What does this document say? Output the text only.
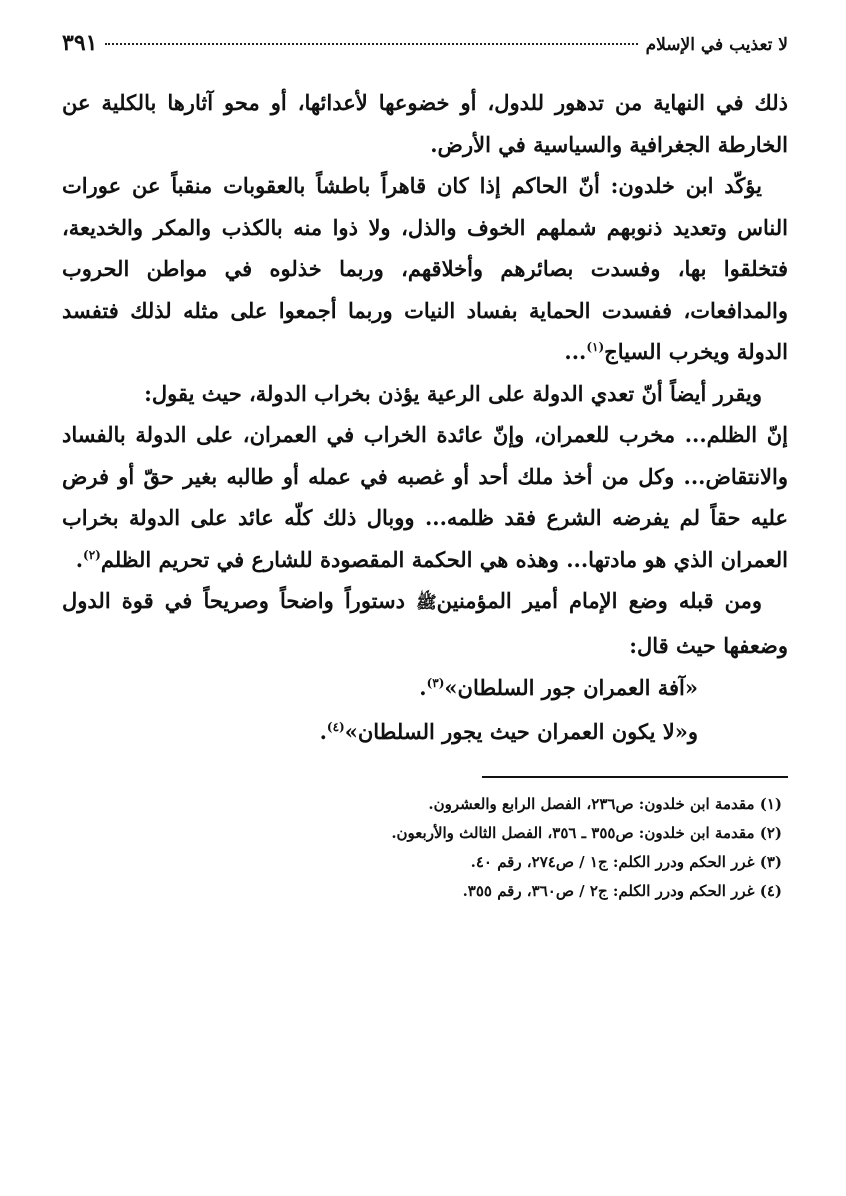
لا تعذيب في الإسلام
٣٩١

ذلك في النهاية من تدهور للدول، أو خضوعها لأعدائها، أو محو آثارها بالكلية عن الخارطة الجغرافية والسياسية في الأرض.

يؤكّد ابن خلدون: أنّ الحاكم إذا كان قاهراً باطشاً بالعقوبات منقباً عن عورات الناس وتعديد ذنوبهم شملهم الخوف والذل، ولا ذوا منه بالكذب والمكر والخديعة، فتخلقوا بها، وفسدت بصائرهم وأخلاقهم، وربما خذلوه في مواطن الحروب والمدافعات، ففسدت الحماية بفساد النيات وربما أجمعوا على مثله لذلك فتفسد الدولة ويخرب السياج$^{(١)}$...

ويقرر أيضاً أنّ تعدي الدولة على الرعية يؤذن بخراب الدولة، حيث يقول:

إنّ الظلم... مخرب للعمران، وإنّ عائدة الخراب في العمران، على الدولة بالفساد والانتقاض... وكل من أخذ ملك أحد أو غصبه في عمله أو طالبه بغير حقّ أو فرض عليه حقاً لم يفرضه الشرع فقد ظلمه... ووبال ذلك كلّه عائد على الدولة بخراب العمران الذي هو مادتها... وهذه هي الحكمة المقصودة للشارع في تحريم الظلم$^{(٢)}$.

ومن قبله وضع الإمام أمير المؤمنينﷺ دستوراً واضحاً وصريحاً في قوة الدول وضعفها حيث قال:

«آفة العمران جور السلطان»$^{(٣)}$.

و«لا يكون العمران حيث يجور السلطان»$^{(٤)}$.

(١) مقدمة ابن خلدون: ص٢٣٦، الفصل الرابع والعشرون.

(٢) مقدمة ابن خلدون: ص٣٥٥ ـ ٣٥٦، الفصل الثالث والأربعون.

(٣) غرر الحكم ودرر الكلم: ج١ / ص٢٧٤، رقم ٤٠.

(٤) غرر الحكم ودرر الكلم: ج٢ / ص٣٦٠، رقم ٣٥٥.
